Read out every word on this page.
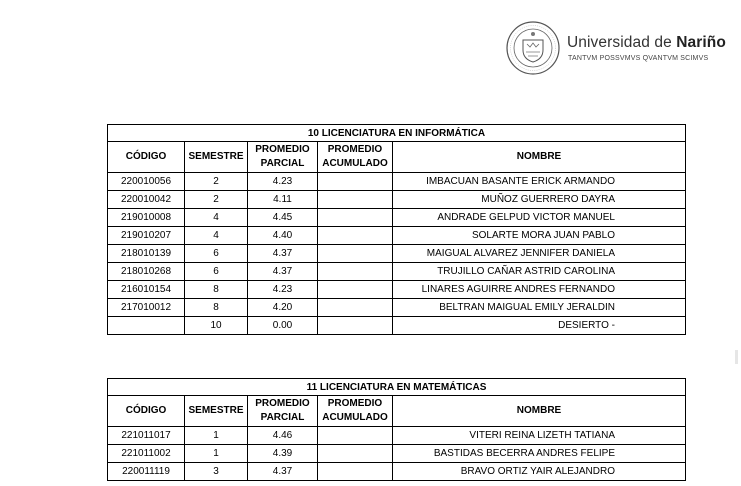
Universidad de Nariño
TANTVM POSSVMVS QVANTVM SCIMVS
10 LICENCIATURA EN INFORMÁTICA				
CÓDIGO	SEMESTRE	PROMEDIO PARCIAL	PROMEDIO ACUMULADO	NOMBRE
220010056	2	4.23		IMBACUAN BASANTE ERICK ARMANDO
220010042	2	4.11		MUÑOZ GUERRERO DAYRA
219010008	4	4.45		ANDRADE GELPUD VICTOR MANUEL
219010207	4	4.40		SOLARTE MORA JUAN PABLO
218010139	6	4.37		MAIGUAL ALVAREZ JENNIFER DANIELA
218010268	6	4.37		TRUJILLO CAÑAR ASTRID CAROLINA
216010154	8	4.23		LINARES AGUIRRE ANDRES FERNANDO
217010012	8	4.20		BELTRAN MAIGUAL EMILY JERALDIN
	10	0.00		DESIERTO -
11 LICENCIATURA EN MATEMÁTICAS				
CÓDIGO	SEMESTRE	PROMEDIO PARCIAL	PROMEDIO ACUMULADO	NOMBRE
221011017	1	4.46		VITERI REINA LIZETH TATIANA
221011002	1	4.39		BASTIDAS BECERRA ANDRES FELIPE
220011119	3	4.37		BRAVO ORTIZ YAIR ALEJANDRO
